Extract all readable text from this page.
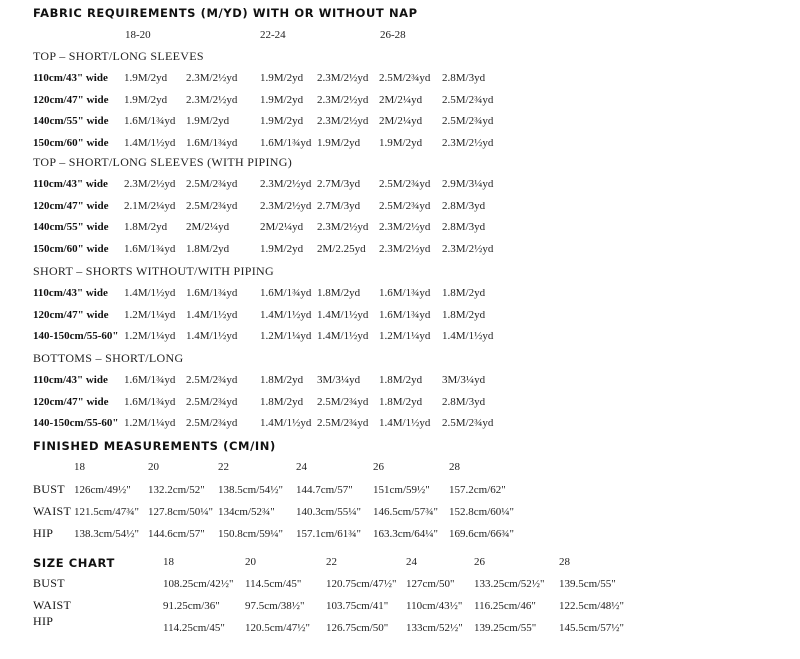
FABRIC REQUIREMENTS (M/YD) WITH OR WITHOUT NAP
18-20	22-24	26-28
TOP – SHORT/LONG SLEEVES
110cm/43" wide 1.9M/2yd 2.3M/2½yd 1.9M/2yd 2.3M/2½yd 2.5M/2¾yd 2.8M/3yd
120cm/47" wide 1.9M/2yd 2.3M/2½yd 1.9M/2yd 2.3M/2½yd 2M/2¼yd 2.5M/2¾yd
140cm/55" wide 1.6M/1¾yd 1.9M/2yd	1.9M/2yd 2.3M/2½yd 2M/2¼yd 2.5M/2¾yd
150cm/60" wide 1.4M/1½yd 1.6M/1¾yd 1.6M/1¾yd 1.9M/2yd 1.9M/2yd 2.3M/2½yd
TOP – SHORT/LONG SLEEVES (WITH PIPING)
110cm/43" wide 2.3M/2½yd 2.5M/2¾yd 2.3M/2½yd 2.7M/3yd 2.5M/2¾yd 2.9M/3¼yd
120cm/47" wide 2.1M/2¼yd 2.5M/2¾yd 2.3M/2½yd 2.7M/3yd 2.5M/2¾yd 2.8M/3yd
140cm/55" wide 1.8M/2yd 2M/2¼yd	2M/2¼yd 2.3M/2½yd 2.3M/2½yd 2.8M/3yd
150cm/60" wide 1.6M/1¾yd 1.8M/2yd	1.9M/2yd 2M/2.25yd 2.3M/2½yd 2.3M/2½yd
SHORT – SHORTS WITHOUT/WITH PIPING
110cm/43" wide 1.4M/1½yd 1.6M/1¾yd 1.6M/1¾yd 1.8M/2yd 1.6M/1¾yd 1.8M/2yd
120cm/47" wide 1.2M/1¼yd 1.4M/1½yd 1.4M/1½yd 1.4M/1½yd 1.6M/1¾yd 1.8M/2yd
140-150cm/55-60" 1.2M/1¼yd 1.4M/1½yd 1.2M/1¼yd 1.4M/1½yd 1.2M/1¼yd 1.4M/1½yd
BOTTOMS – SHORT/LONG
110cm/43" wide 1.6M/1¾yd 2.5M/2¾yd 1.8M/2yd 3M/3¼yd 1.8M/2yd 3M/3¼yd
120cm/47" wide 1.6M/1¾yd 2.5M/2¾yd 1.8M/2yd 2.5M/2¾yd 1.8M/2yd 2.8M/3yd
140-150cm/55-60" 1.2M/1¼yd 2.5M/2¾yd 1.4M/1½yd 2.5M/2¾yd 1.4M/1½yd 2.5M/2¾yd
FINISHED MEASUREMENTS (CM/IN)
18	20	22	24	26	28
BUST 126cm/49½" 132.2cm/52" 138.5cm/54½" 144.7cm/57" 151cm/59½" 157.2cm/62"
WAIST 121.5cm/47¾" 127.8cm/50¼" 134cm/52¾" 140.3cm/55¼" 146.5cm/57¾" 152.8cm/60¼"
HIP 138.3cm/54½" 144.6cm/57" 150.8cm/59¼" 157.1cm/61¾" 163.3cm/64¼" 169.6cm/66¾"
SIZE CHART	18	20	22	24	26	28
BUST	108.25cm/42½" 114.5cm/45" 120.75cm/47½" 127cm/50" 133.25cm/52½" 139.5cm/55"
WAIST	91.25cm/36" 97.5cm/38½" 103.75cm/41" 110cm/43½" 116.25cm/46" 122.5cm/48½"
HIP	114.25cm/45" 120.5cm/47½" 126.75cm/50" 133cm/52½" 139.25cm/55" 145.5cm/57½"
